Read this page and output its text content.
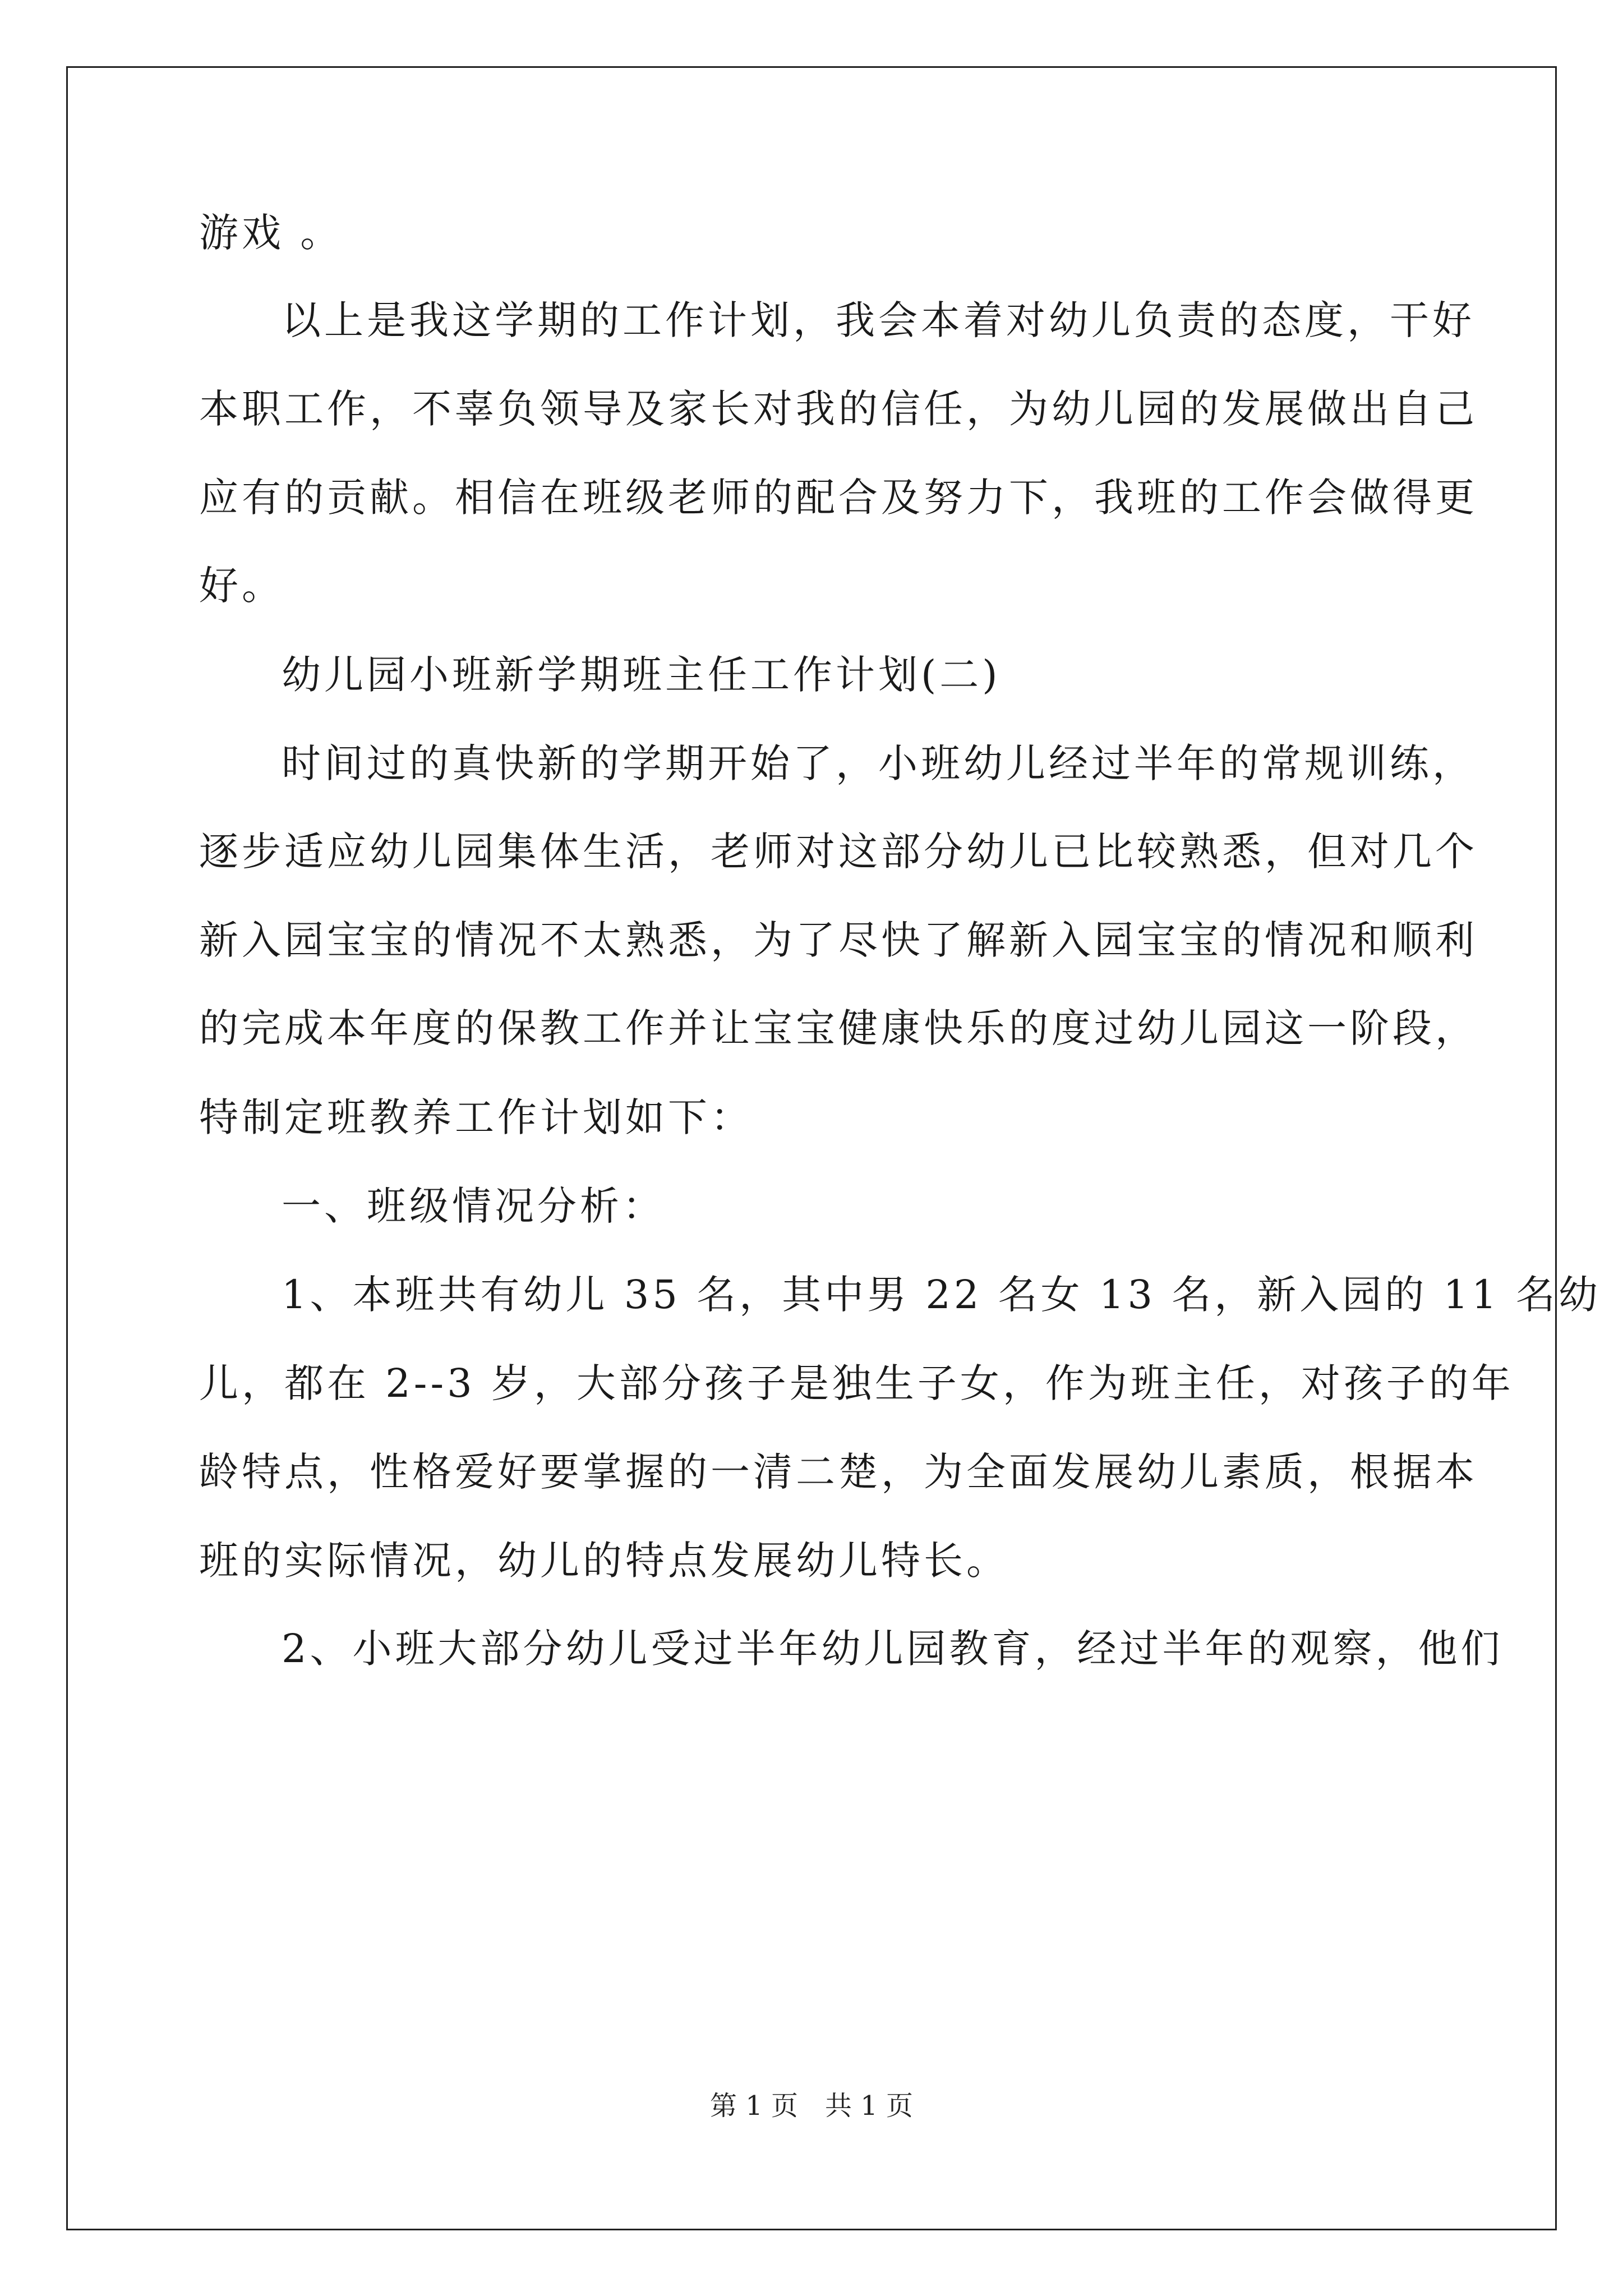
游戏 。

以上是我这学期的工作计划，我会本着对幼儿负责的态度，干好

本职工作，不辜负领导及家长对我的信任，为幼儿园的发展做出自己

应有的贡献。相信在班级老师的配合及努力下，我班的工作会做得更

好。

幼儿园小班新学期班主任工作计划(二)

时间过的真快新的学期开始了，小班幼儿经过半年的常规训练，

逐步适应幼儿园集体生活，老师对这部分幼儿已比较熟悉，但对几个

新入园宝宝的情况不太熟悉，为了尽快了解新入园宝宝的情况和顺利

的完成本年度的保教工作并让宝宝健康快乐的度过幼儿园这一阶段，

特制定班教养工作计划如下：

一、班级情况分析：

1、本班共有幼儿 35 名，其中男 22 名女 13 名，新入园的 11 名幼

儿，都在 2--3 岁，大部分孩子是独生子女，作为班主任，对孩子的年

龄特点，性格爱好要掌握的一清二楚，为全面发展幼儿素质，根据本

班的实际情况，幼儿的特点发展幼儿特长。

2、小班大部分幼儿受过半年幼儿园教育，经过半年的观察，他们

第 1 页　共 1 页
